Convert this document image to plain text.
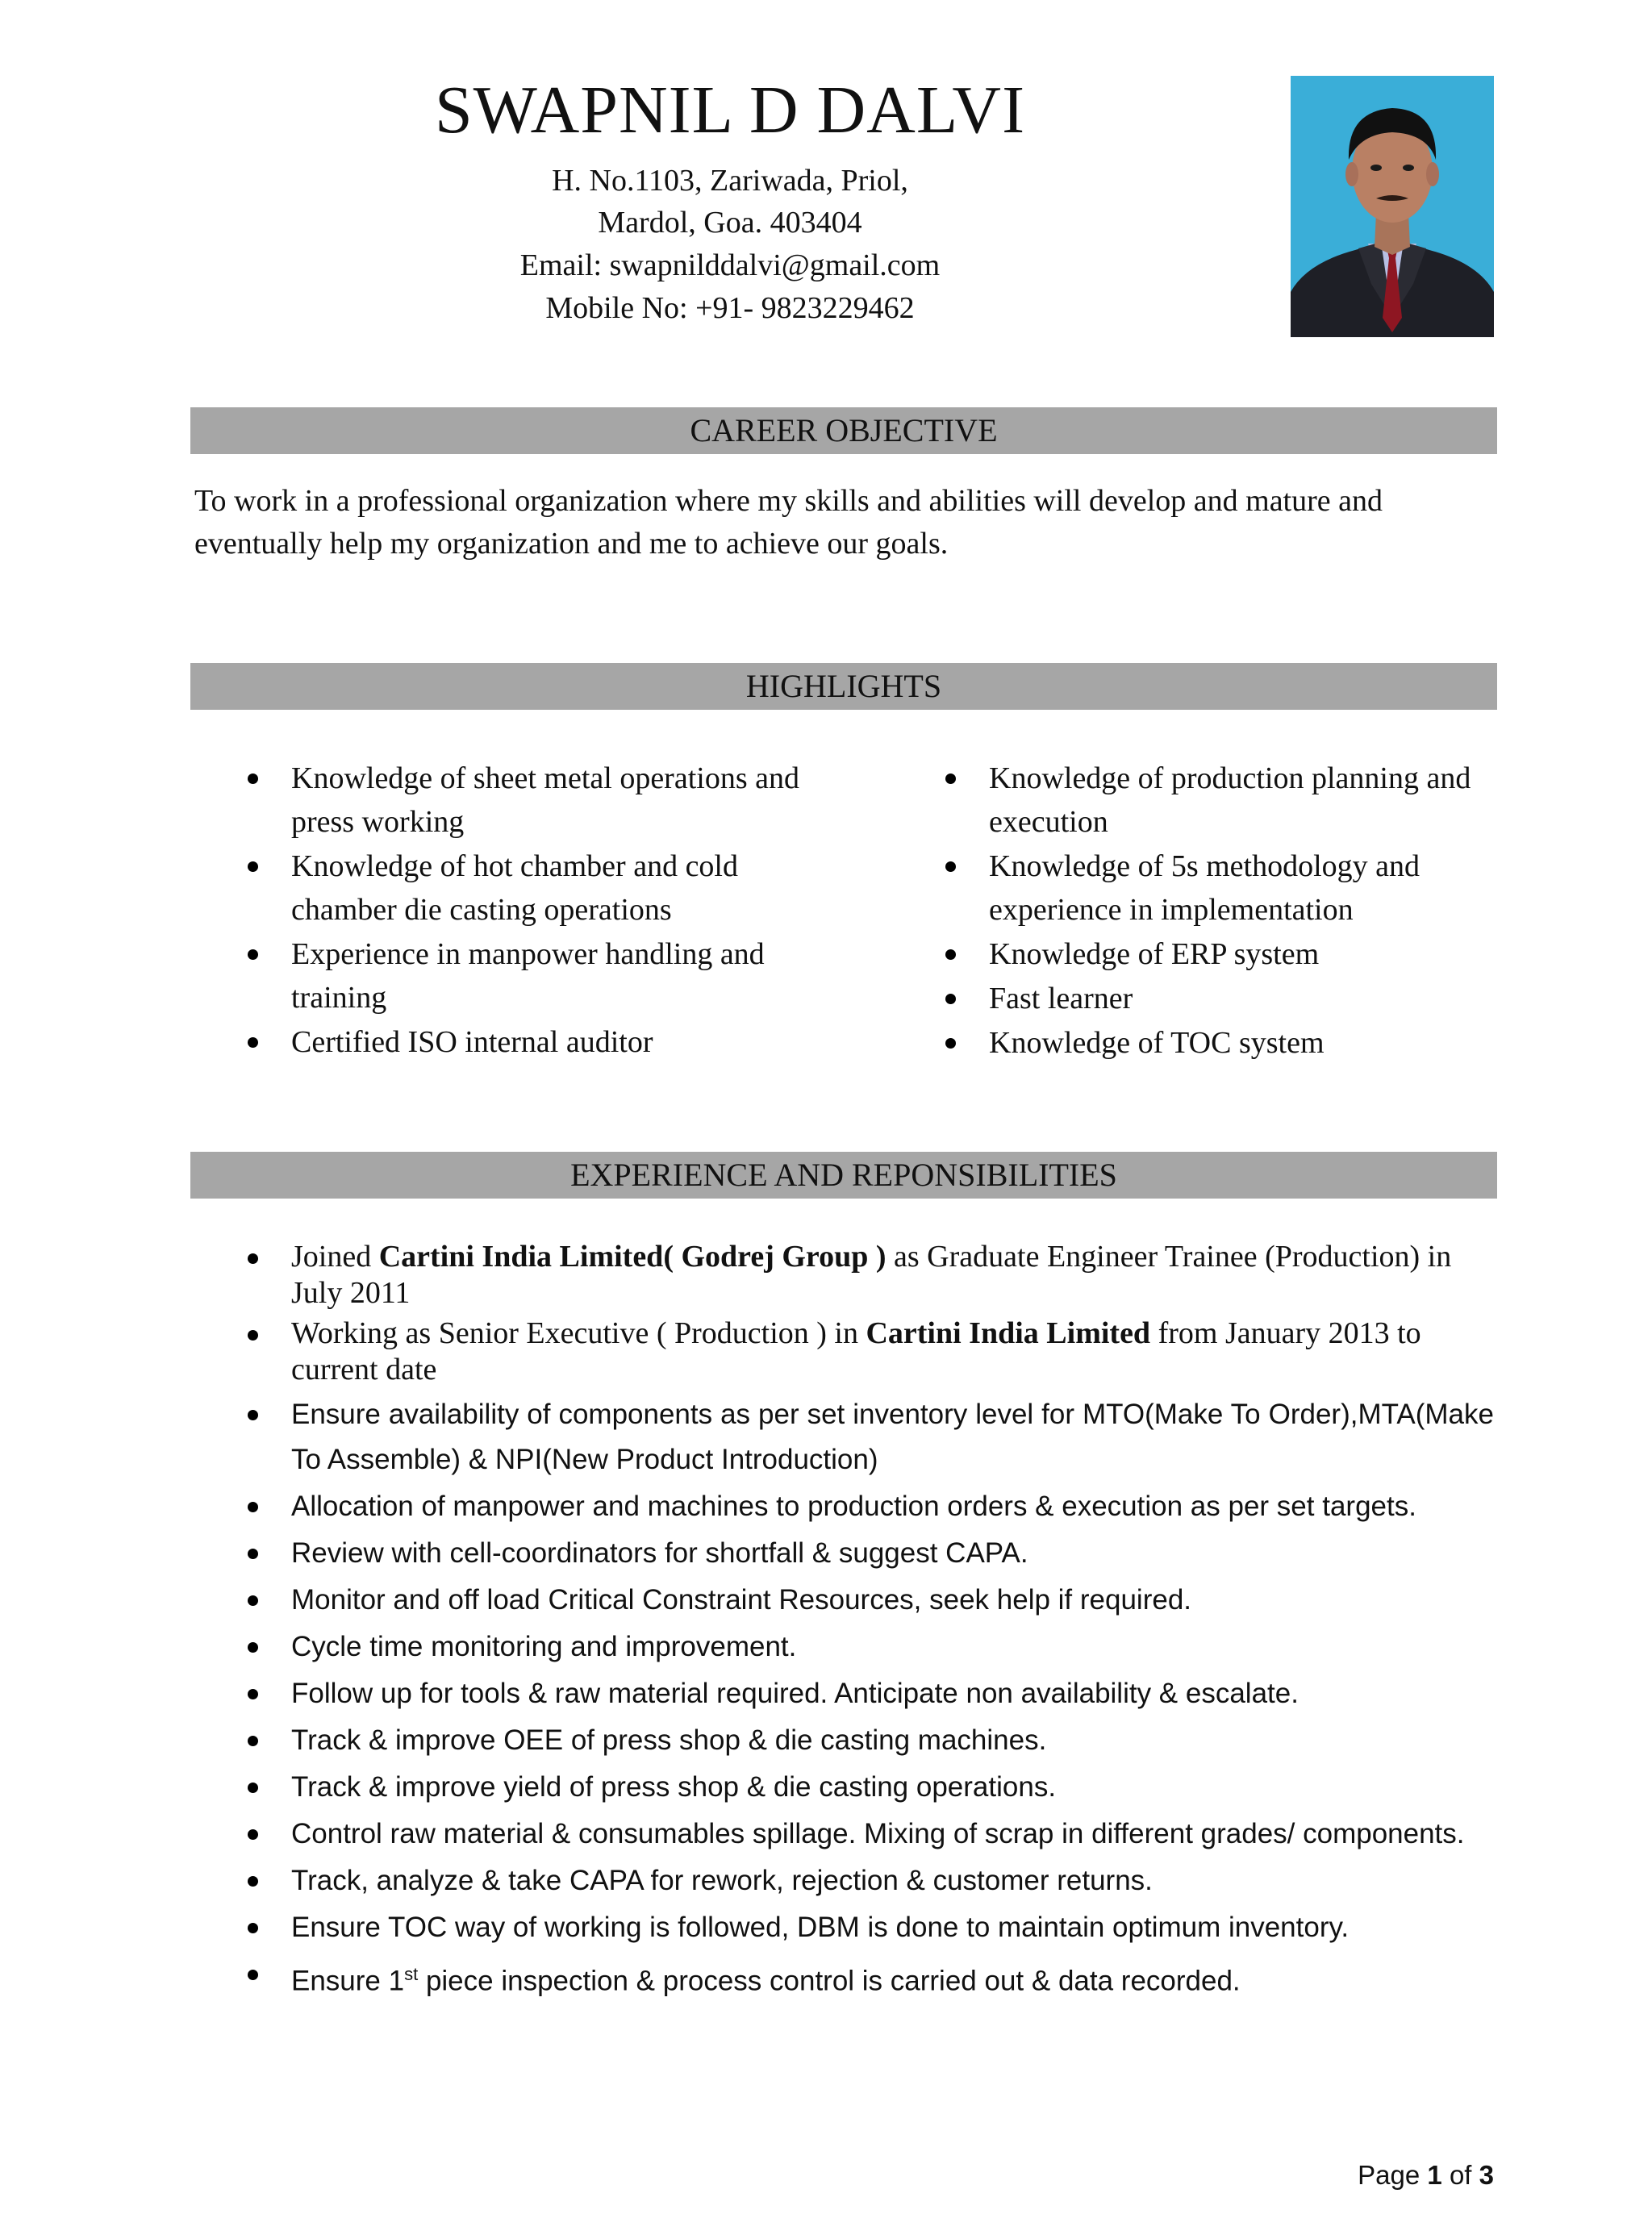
SWAPNIL D DALVI
H. No.1103, Zariwada, Priol,
Mardol, Goa. 403404
Email: swapnilddalvi@gmail.com
Mobile No: +91- 9823229462
CAREER OBJECTIVE
To work in a professional organization where my skills and abilities will develop and mature and eventually help my organization and me to achieve our goals.
HIGHLIGHTS
Knowledge of sheet metal operations and press working
Knowledge of hot chamber and cold chamber die casting operations
Experience in manpower handling and training
Certified ISO internal auditor
Knowledge of production planning and execution
Knowledge of 5s methodology and experience in implementation
Knowledge of ERP system
Fast learner
Knowledge of TOC system
EXPERIENCE AND REPONSIBILITIES
Joined Cartini India Limited( Godrej Group ) as Graduate Engineer Trainee (Production) in July 2011
Working as Senior Executive ( Production ) in Cartini India Limited from January 2013 to current date
Ensure availability of components as per set inventory level for MTO(Make To Order),MTA(Make To Assemble) & NPI(New Product Introduction)
Allocation of manpower and machines to production orders & execution as per set targets.
Review with cell-coordinators for shortfall & suggest CAPA.
Monitor and off load Critical Constraint Resources, seek help if required.
Cycle time monitoring and improvement.
Follow up for tools & raw material required. Anticipate non availability & escalate.
Track & improve OEE of press shop & die casting machines.
Track & improve yield of press shop & die casting operations.
Control raw material & consumables spillage. Mixing of scrap in different grades/ components.
Track, analyze & take CAPA for rework, rejection & customer returns.
Ensure TOC way of working is followed, DBM is done to maintain optimum inventory.
Ensure 1st piece inspection & process control is carried out & data recorded.
Page 1 of 3
